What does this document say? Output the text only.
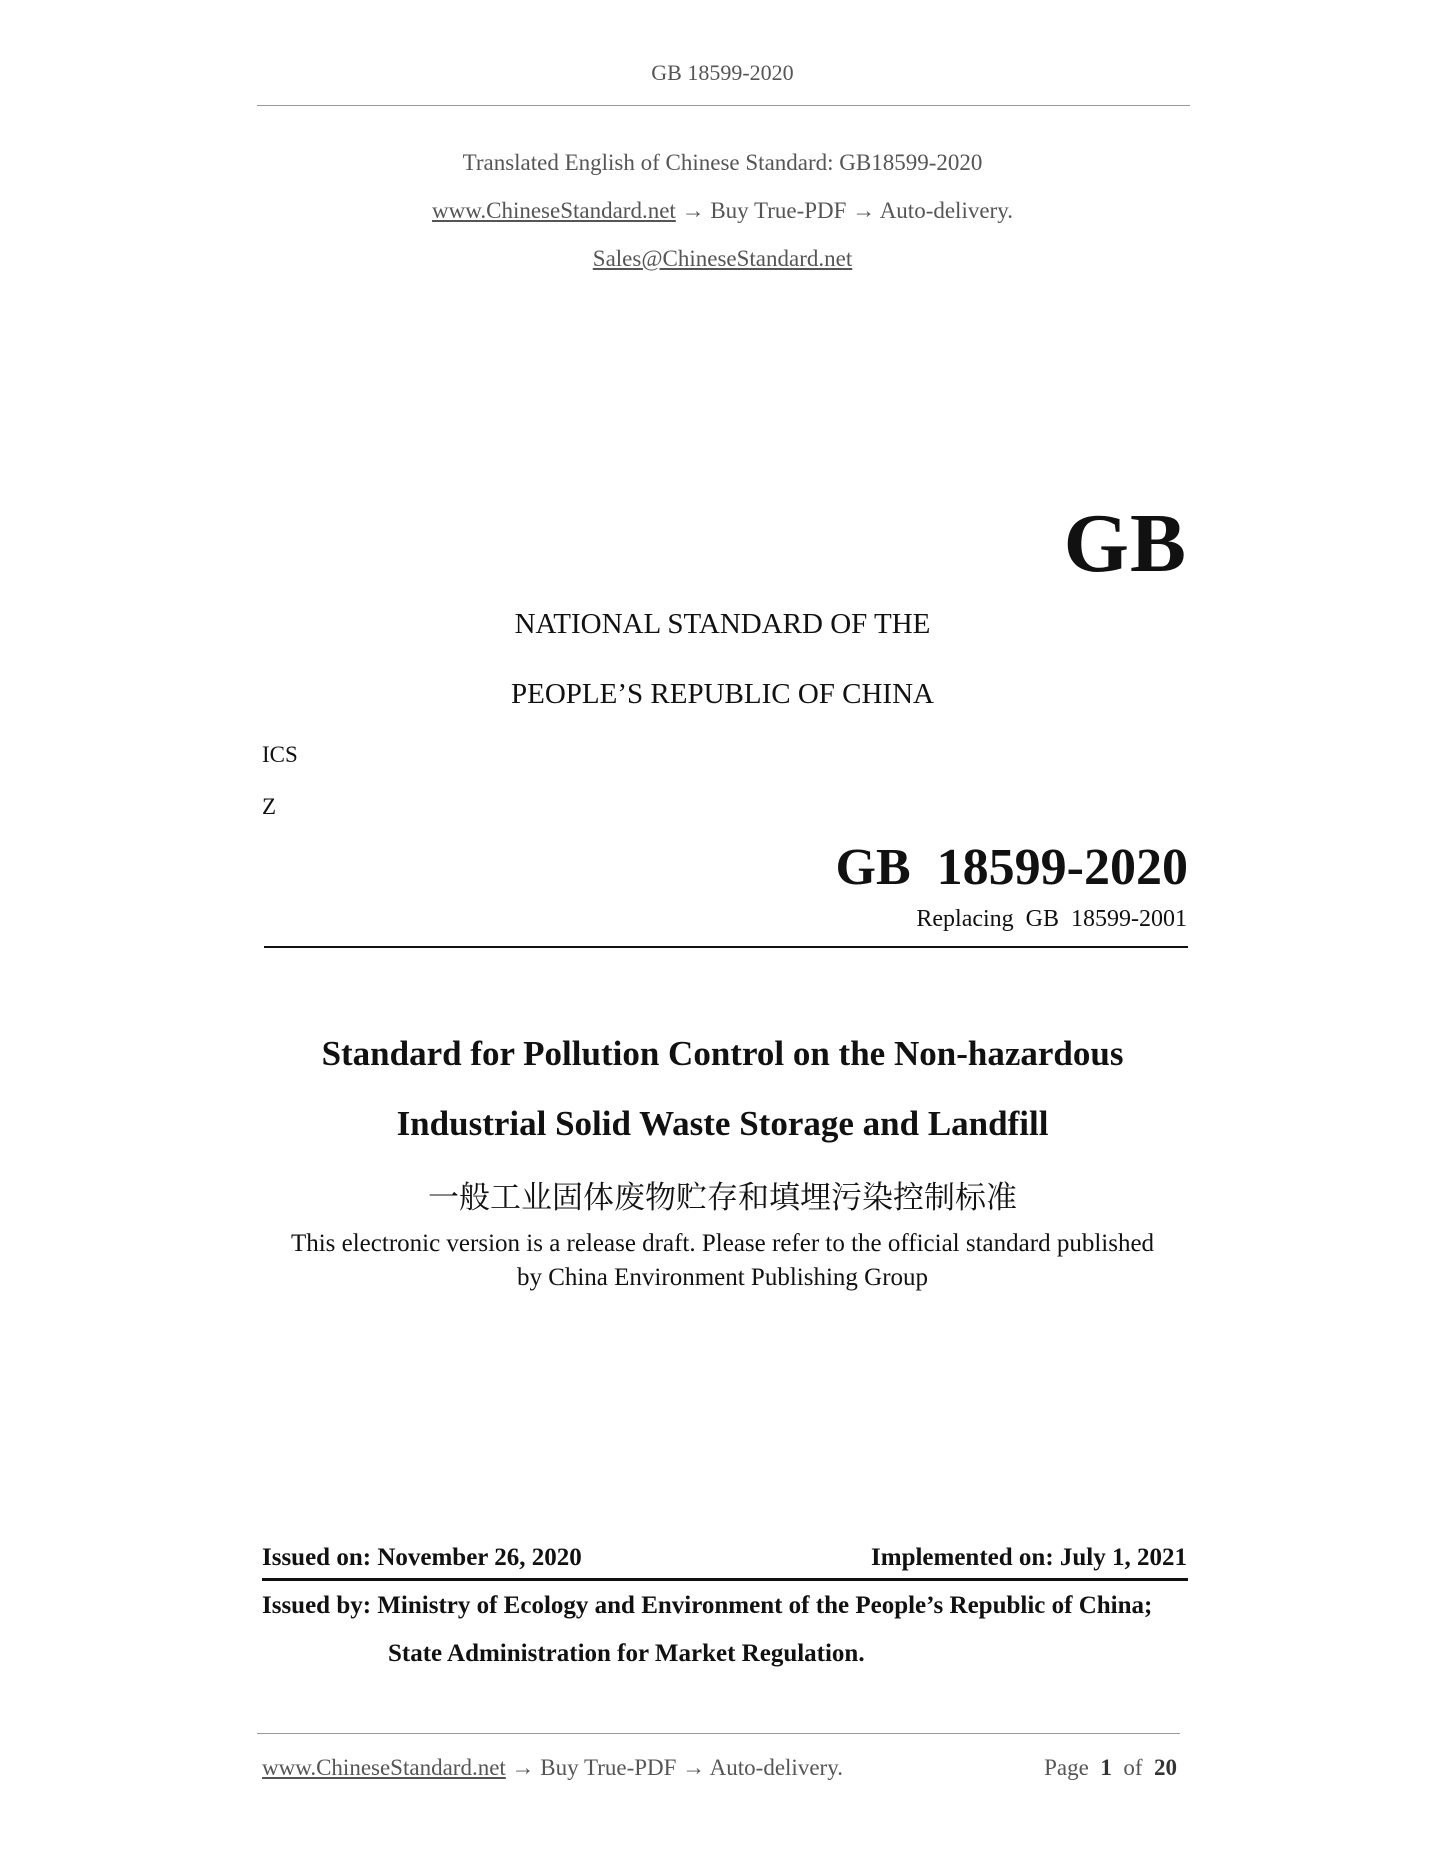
GB 18599-2020
Translated English of Chinese Standard: GB18599-2020
www.ChineseStandard.net → Buy True-PDF → Auto-delivery.
Sales@ChineseStandard.net
GB
NATIONAL STANDARD OF THE
PEOPLE’S REPUBLIC OF CHINA
ICS
Z
GB  18599-2020
Replacing  GB  18599-2001
Standard for Pollution Control on the Non-hazardous
Industrial Solid Waste Storage and Landfill
一般工业固体废物贮存和填埋污染控制标准
This electronic version is a release draft. Please refer to the official standard published
by China Environment Publishing Group
Issued on: November 26, 2020	Implemented on: July 1, 2021
Issued by: Ministry of Ecology and Environment of the People’s Republic of China;
State Administration for Market Regulation.
www.ChineseStandard.net → Buy True-PDF → Auto-delivery.	Page 1 of 20
